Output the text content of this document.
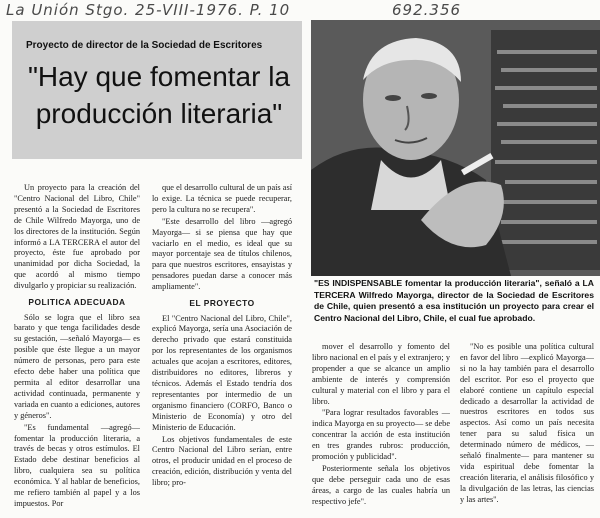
La Unión Stgo. 25-VIII-1976. P. 10	692.356
Proyecto de director de la Sociedad de Escritores
"Hay que fomentar la producción literaria"
"ES INDISPENSABLE fomentar la producción literaria", señaló a LA TERCERA Wilfredo Mayorga, director de la Sociedad de Escritores de Chile, quien presentó a esa institución un proyecto para crear el Centro Nacional del Libro, Chile, el cual fue aprobado.

Un proyecto para la creación del "Centro Nacional del Libro, Chile" presentó a la Sociedad de Escritores de Chile Wilfredo Mayorga, uno de los directores de la institución. Según informó a LA TERCERA el autor del proyecto, éste fue aprobado por unanimidad por dicha Sociedad, la que acordó al mismo tiempo divulgarlo y propiciar su realización.

POLITICA ADECUADA

Sólo se logra que el libro sea barato y que tenga facilidades desde su gestación, —señaló Mayorga— es posible que éste llegue a un mayor número de personas, pero para este efecto debe haber una política que permita al editor desarrollar una actividad continuada, permanente y variada en cuanto a ediciones, autores y géneros".

"Es fundamental —agregó— fomentar la producción literaria, a través de becas y otros estímulos. El Estado debe destinar beneficios al libro, cualquiera sea su política económica. Y al hablar de beneficios, me refiero también al papel y a los impuestos. Por

que el desarrollo cultural de un país así lo exige. La técnica se puede recuperar, pero la cultura no se recupera".

"Este desarrollo del libro —agregó Mayorga— si se piensa que hay que vaciarlo en el medio, es ideal que su mayor porcentaje sea de títulos chilenos, para que nuestros escritores, ensayistas y pensadores puedan darse a conocer más ampliamente".

EL PROYECTO

El "Centro Nacional del Libro, Chile", explicó Mayorga, sería una Asociación de derecho privado que estará constituida por los representantes de los organismos actuales que acojan a escritores, editores, distribuidores no editores, libreros y técnicos. Además el Estado tendría dos representantes por intermedio de un organismo financiero (CORFO, Banco o Ministerio de Economía) y otro del Ministerio de Educación.

Los objetivos fundamentales de este Centro Nacional del Libro serían, entre otros, el producir unidad en el proceso de creación, edición, distribución y venta del libro; pro-

mover el desarrollo y fomento del libro nacional en el país y el extranjero; y propender a que se alcance un amplio ambiente de interés y comprensión cultural y material con el libro y para el libro.

"Para lograr resultados favorables —indica Mayorga en su proyecto— se debe concentrar la acción de esta institución en tres grandes rubros: producción, promoción y publicidad".

Posteriormente señala los objetivos que debe perseguir cada uno de esas áreas, a cargo de las cuales habría un respectivo jefe".

"No es posible una política cultural en favor del libro —explicó Mayorga— si no la hay también para el desarrollo del escritor. Por eso el proyecto que elaboré contiene un capítulo especial dedicado a desarrollar la actividad de nuestros escritores en todos sus aspectos. Así como un país necesita tener para su salud física un determinado número de médicos, —señaló finalmente— para mantener su vida espiritual debe fomentar la creación literaria, el análisis filosófico y la divulgación de las letras, las ciencias y las artes".
